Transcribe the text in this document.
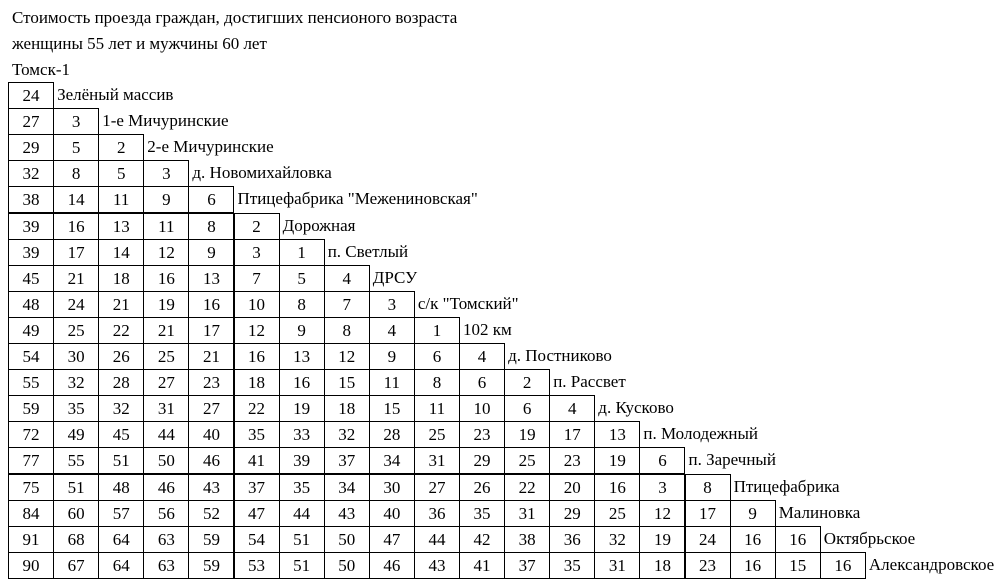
Стоимость проезда граждан, достигших пенсионого возраста
женщины 55 лет и мужчины 60 лет
Томск-1
24	Зелёный массив
27	3	1-е Мичуринские
29	5	2	2-е Мичуринские
32	8	5	3	д. Новомихайловка
38	14	11	9	6	Птицефабрика "Межениновская"
39	16	13	11	8	2	Дорожная
39	17	14	12	9	3	1	п. Светлый
45	21	18	16	13	7	5	4	ДРСУ
48	24	21	19	16	10	8	7	3	с/к "Томский"
49	25	22	21	17	12	9	8	4	1	102 км
54	30	26	25	21	16	13	12	9	6	4	д. Постниково
55	32	28	27	23	18	16	15	11	8	6	2	п. Рассвет
59	35	32	31	27	22	19	18	15	11	10	6	4	д. Кусково
72	49	45	44	40	35	33	32	28	25	23	19	17	13	п. Молодежный
77	55	51	50	46	41	39	37	34	31	29	25	23	19	6	п. Заречный
75	51	48	46	43	37	35	34	30	27	26	22	20	16	3	8	Птицефабрика
84	60	57	56	52	47	44	43	40	36	35	31	29	25	12	17	9	Малиновка
91	68	64	63	59	54	51	50	47	44	42	38	36	32	19	24	16	16	Октябрьское
90	67	64	63	59	53	51	50	46	43	41	37	35	31	18	23	16	15	16	Александровское
